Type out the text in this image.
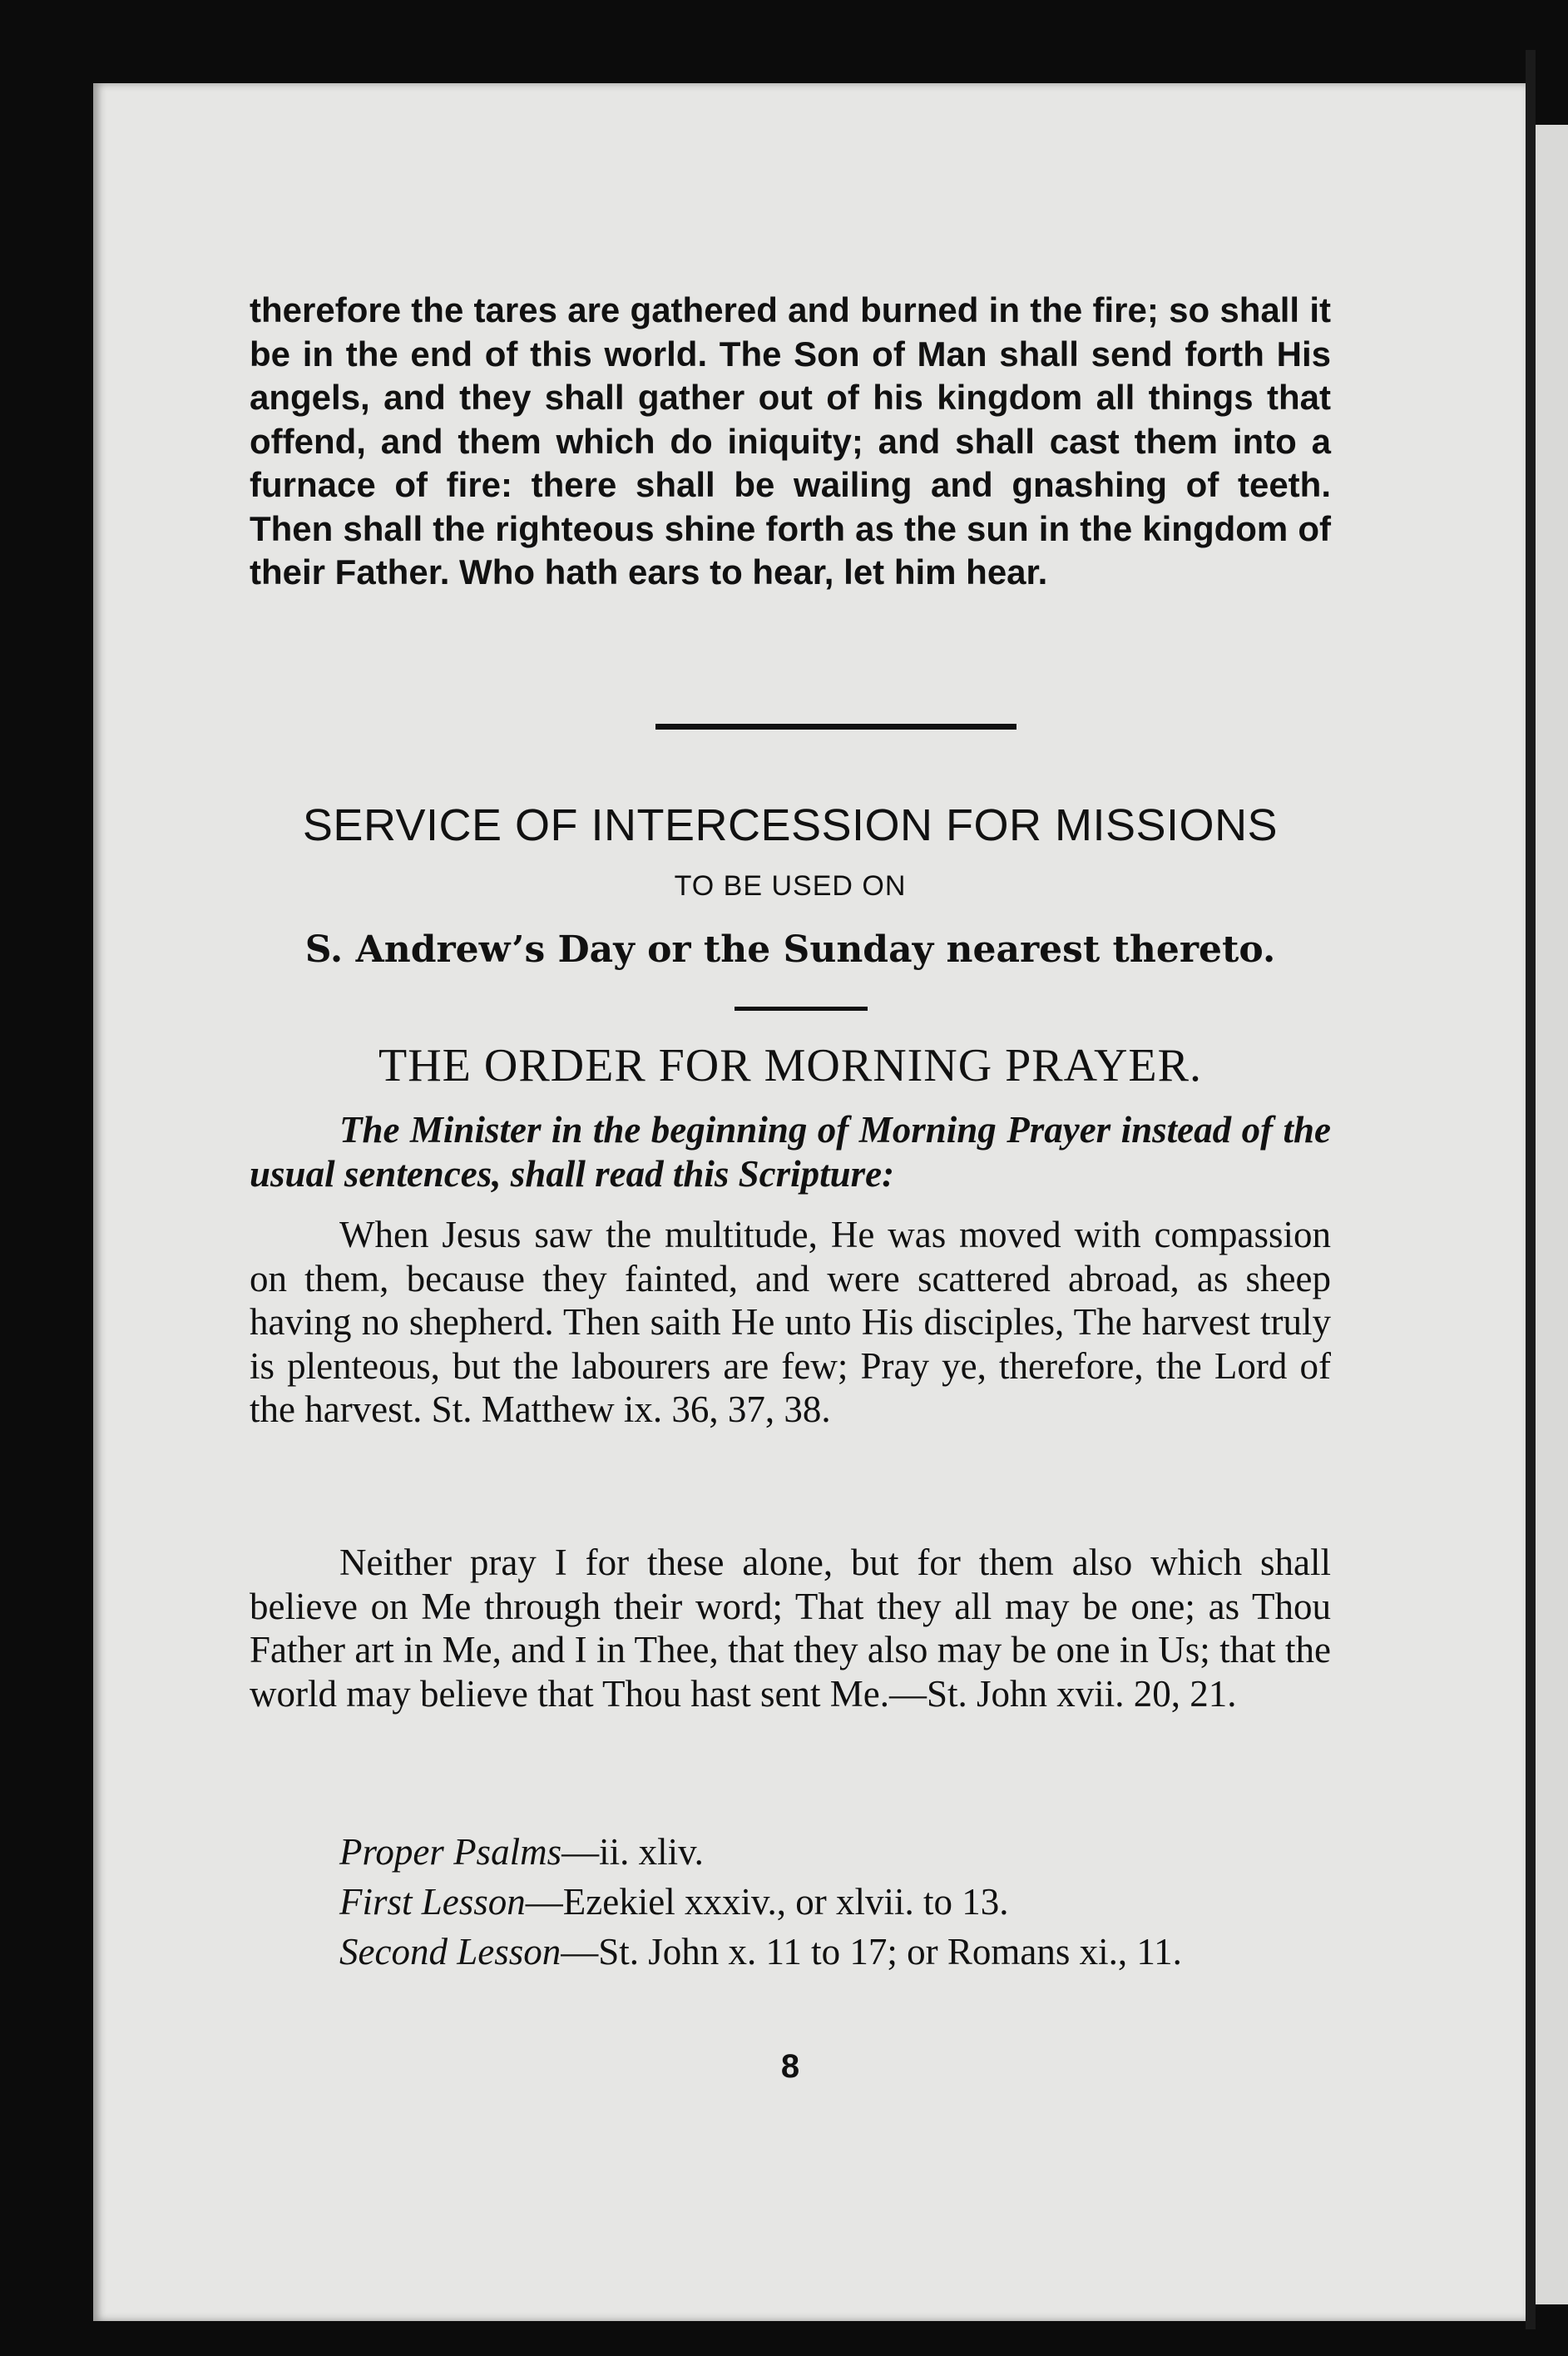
therefore the tares are gathered and burned in the fire; so shall it be in the end of this world. The Son of Man shall send forth His angels, and they shall gather out of his kingdom all things that offend, and them which do iniquity; and shall cast them into a furnace of fire: there shall be wailing and gnashing of teeth. Then shall the righteous shine forth as the sun in the kingdom of their Father. Who hath ears to hear, let him hear.

SERVICE OF INTERCESSION FOR MISSIONS
TO BE USED ON
S. Andrew’s Day or the Sunday nearest thereto.
THE ORDER FOR MORNING PRAYER.

The Minister in the beginning of Morning Prayer instead of the usual sentences, shall read this Scripture:

When Jesus saw the multitude, He was moved with compassion on them, because they fainted, and were scattered abroad, as sheep having no shepherd. Then saith He unto His disciples, The harvest truly is plenteous, but the labourers are few; Pray ye, therefore, the Lord of the harvest. St. Matthew ix. 36, 37, 38.

Neither pray I for these alone, but for them also which shall believe on Me through their word; That they all may be one; as Thou Father art in Me, and I in Thee, that they also may be one in Us; that the world may believe that Thou hast sent Me.—St. John xvii. 20, 21.

Proper Psalms—ii. xliv.
First Lesson—Ezekiel xxxiv., or xlvii. to 13.
Second Lesson—St. John x. 11 to 17; or Romans xi., 11.
8
